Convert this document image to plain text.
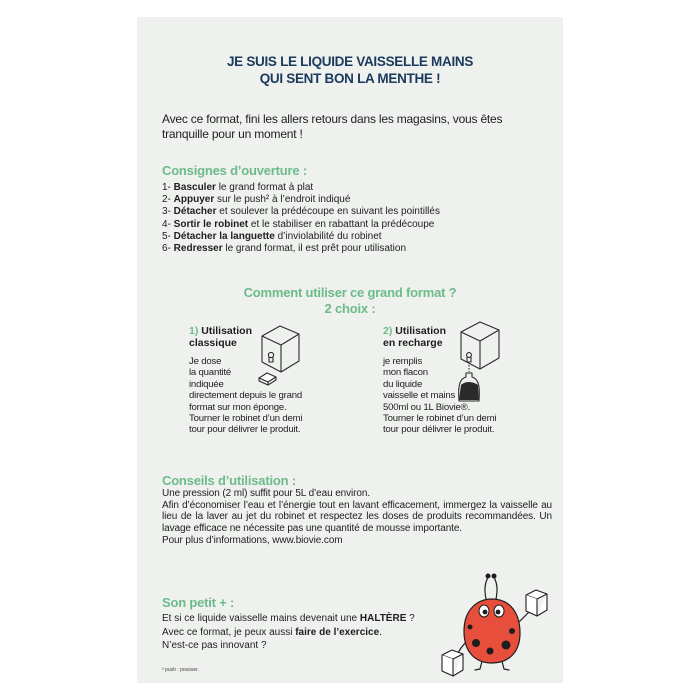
JE SUIS LE LIQUIDE VAISSELLE MAINS
QUI SENT BON LA MENTHE !
Avec ce format, fini les allers retours dans les magasins, vous êtes tranquille pour un moment !
Consignes d’ouverture :
1- Basculer le grand format à plat
2- Appuyer sur le push² à l’endroit indiqué
3- Détacher et soulever la prédécoupe en suivant les pointillés
4- Sortir le robinet et le stabiliser en rabattant la prédécoupe
5- Détacher la languette d’inviolabilité du robinet
6- Redresser le grand format, il est prêt pour utilisation
Comment utiliser ce grand format ?
2 choix :
1) Utilisation
classique
Je dose
la quantité
indiquée
directement depuis le grand
format sur mon éponge.
Tourner le robinet d’un demi
tour pour délivrer le produit.
2) Utilisation
en recharge
je remplis
mon flacon
du liquide
vaisselle et mains
500ml ou 1L Biovie®.
Tourner le robinet d’un demi
tour pour délivrer le produit.
Conseils d’utilisation :
Une pression (2 ml) suffit pour 5L d’eau environ.
Afin d’économiser l’eau et l’énergie tout en lavant efficacement, immergez la vaisselle au lieu de la laver au jet du robinet et respectez les doses de produits recommandées. Un lavage efficace ne nécessite pas une quantité de mousse importante.
Pour plus d’informations, www.biovie.com
Son petit + :
Et si ce liquide vaisselle mains devenait une HALTÈRE ?
Avec ce format, je peux aussi faire de l’exercice.
N’est-ce pas innovant ?
² push : pousser.
